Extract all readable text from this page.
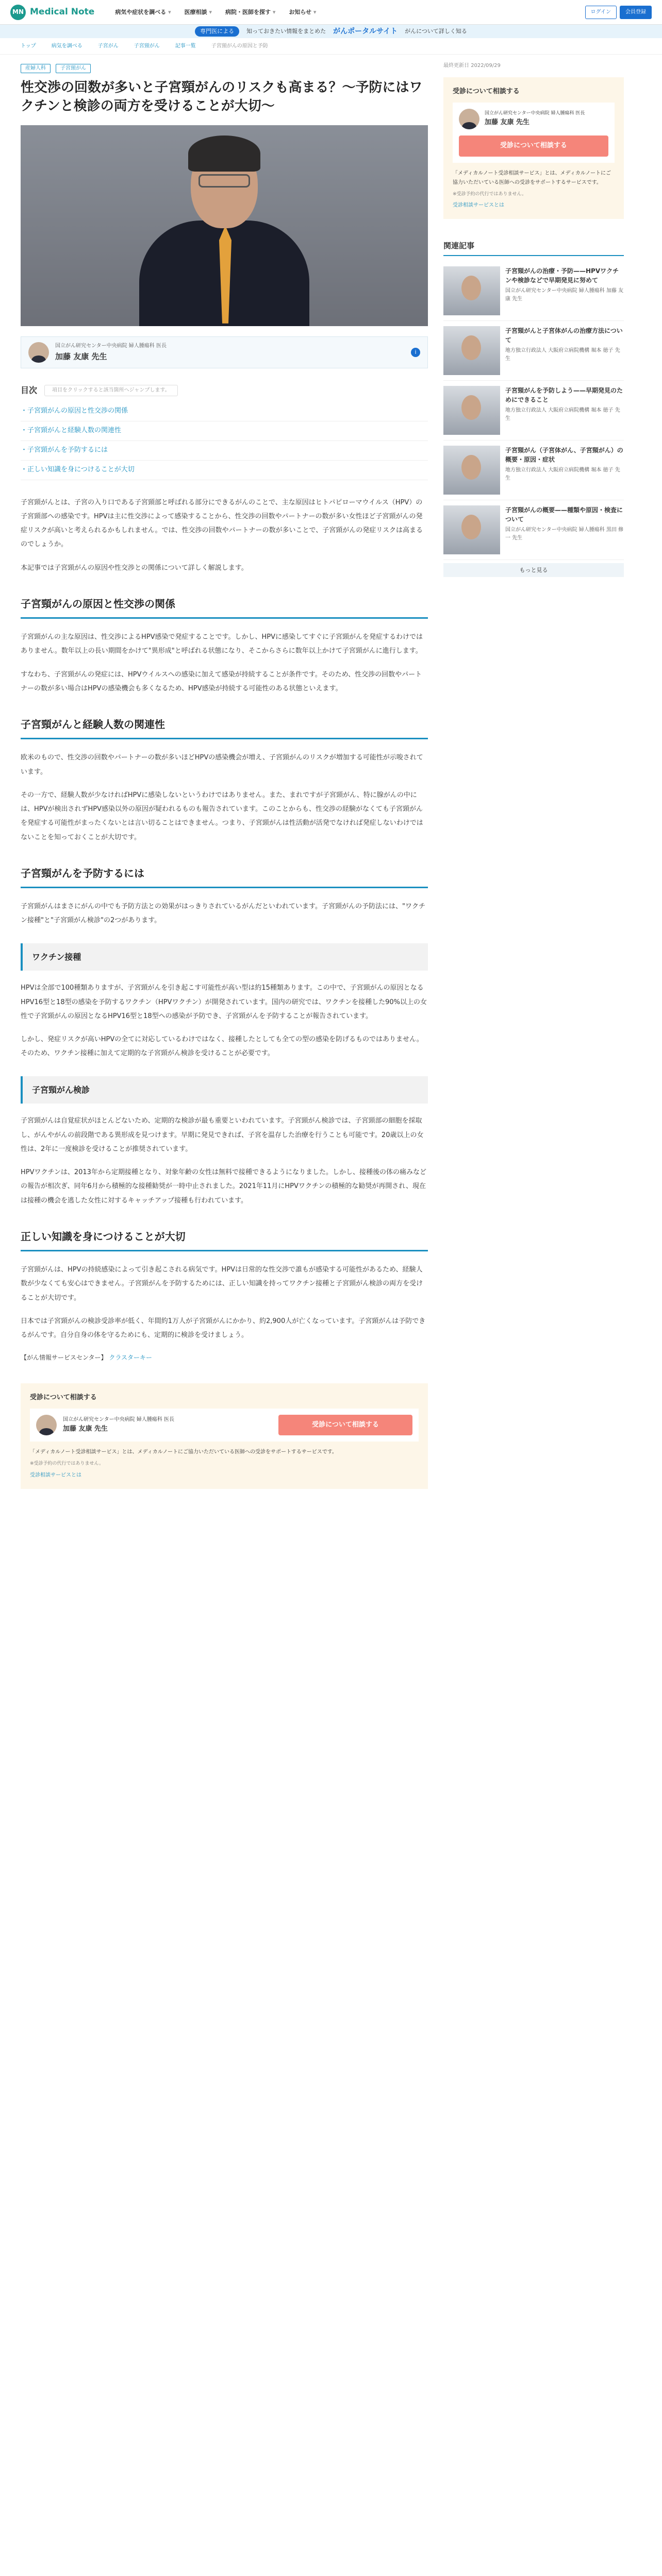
MN Medical Note	病気や症状を調べる ▾	医療相談 ▾	病院・医師を探す ▾	お知らせ ▾	ログイン	会員登録
専門医による	知っておきたい情報をまとめた がんポータルサイト がんについて詳しく知る
トップ	病気を調べる	子宮がん	子宮頸がん	記事一覧	子宮頸がんの原因と予防
産婦人科	子宮頸がん
性交渉の回数が多いと子宮頸がんのリスクも高まる？〜予防にはワクチンと検診の両方を受けることが大切〜
国立がん研究センター中央病院 婦人腫瘍科 医長
加藤 友康 先生	i
目次	項目をクリックすると該当箇所へジャンプします。
・ 子宮頸がんの原因と性交渉の関係
・ 子宮頸がんと経験人数の関連性
・ 子宮頸がんを予防するには
・ 正しい知識を身につけることが大切

子宮頸がんとは、子宮の入り口である子宮頸部と呼ばれる部分にできるがんのことで、主な原因はヒトパピローマウイルス（HPV）の子宮頸部への感染です。HPVは主に性交渉によって感染することから、性交渉の回数やパートナーの数が多い女性ほど子宮頸がんの発症リスクが高いと考えられるかもしれません。では、性交渉の回数やパートナーの数が多いことで、子宮頸がんの発症リスクは高まるのでしょうか。

本記事では子宮頸がんの原因や性交渉との関係について詳しく解説します。

子宮頸がんの原因と性交渉の関係

子宮頸がんの主な原因は、性交渉によるHPV感染で発症することです。しかし、HPVに感染してすぐに子宮頸がんを発症するわけではありません。数年以上の長い期間をかけて"異形成"と呼ばれる状態になり、そこからさらに数年以上かけて子宮頸がんに進行します。

すなわち、子宮頸がんの発症には、HPVウイルスへの感染に加えて感染が持続することが条件です。そのため、性交渉の回数やパートナーの数が多い場合はHPVの感染機会も多くなるため、HPV感染が持続する可能性のある状態といえます。

子宮頸がんと経験人数の関連性

欧米のもので、性交渉の回数やパートナーの数が多いほどHPVの感染機会が増え、子宮頸がんのリスクが増加する可能性が示唆されています。

その一方で、経験人数が少なければHPVに感染しないというわけではありません。また、まれですが子宮頸がん、特に腺がんの中には、HPVが検出されずHPV感染以外の原因が疑われるものも報告されています。このことからも、性交渉の経験がなくても子宮頸がんを発症する可能性がまったくないとは言い切ることはできません。つまり、子宮頸がんは性活動が活発でなければ発症しないわけではないことを知っておくことが大切です。

子宮頸がんを予防するには

子宮頸がんはまさにがんの中でも予防方法との効果がはっきりされているがんだといわれています。子宮頸がんの予防法には、"ワクチン接種"と"子宮頸がん検診"の2つがあります。

ワクチン接種

HPVは全部で100種類ありますが、子宮頸がんを引き起こす可能性が高い型は約15種類あります。この中で、子宮頸がんの原因となるHPV16型と18型の感染を予防するワクチン（HPVワクチン）が開発されています。国内の研究では、ワクチンを接種した90%以上の女性で子宮頸がんの原因となるHPV16型と18型への感染が予防でき、子宮頸がんを予防することが報告されています。

しかし、発症リスクが高いHPVの全てに対応しているわけではなく、接種したとしても全ての型の感染を防げるものではありません。そのため、ワクチン接種に加えて定期的な子宮頸がん検診を受けることが必要です。

子宮頸がん検診

子宮頸がんは自覚症状がほとんどないため、定期的な検診が最も重要といわれています。子宮頸がん検診では、子宮頸部の細胞を採取し、がんやがんの前段階である異形成を見つけます。早期に発見できれば、子宮を温存した治療を行うことも可能です。20歳以上の女性は、2年に一度検診を受けることが推奨されています。

HPVワクチンは、2013年から定期接種となり、対象年齢の女性は無料で接種できるようになりました。しかし、接種後の体の痛みなどの報告が相次ぎ、同年6月から積極的な接種勧奨が一時中止されました。2021年11月にHPVワクチンの積極的な勧奨が再開され、現在は接種の機会を逃した女性に対するキャッチアップ接種も行われています。

正しい知識を身につけることが大切

子宮頸がんは、HPVの持続感染によって引き起こされる病気です。HPVは日常的な性交渉で誰もが感染する可能性があるため、経験人数が少なくても安心はできません。子宮頸がんを予防するためには、正しい知識を持ってワクチン接種と子宮頸がん検診の両方を受けることが大切です。

日本では子宮頸がんの検診受診率が低く、年間約1万人が子宮頸がんにかかり、約2,900人が亡くなっています。子宮頸がんは予防できるがんです。自分自身の体を守るためにも、定期的に検診を受けましょう。

【がん情報サービスセンター】 クラスターキー
受診について相談する
国立がん研究センター中央病院 婦人腫瘍科 医長
加藤 友康 先生
受診について相談する
「メディカルノート受診相談サービス」とは、メディカルノートにご協力いただいている医師への受診をサポートするサービスです。
※受診予約の代行ではありません。
受診相談サービスとは
最終更新日 2022/09/29
受診について相談する
国立がん研究センター中央病院 婦人腫瘍科 医長
加藤 友康 先生
受診について相談する
「メディカルノート受診相談サービス」とは、メディカルノートにご協力いただいている医師への受診をサポートするサービスです。
※受診予約の代行ではありません。
受診相談サービスとは
関連記事
子宮頸がんの治療・予防——HPVワクチンや検診などで早期発見に努めて
国立がん研究センター中央病院 婦人腫瘍科 加藤 友康 先生
子宮頸がんと子宮体がんの治療方法について
地方独立行政法人 大阪府立病院機構 堀本 徳子 先生
子宮頸がんを予防しよう——早期発見のためにできること
地方独立行政法人 大阪府立病院機構 堀本 徳子 先生
子宮頸がん（子宮体がん、子宮頸がん）の概要・原因・症状
地方独立行政法人 大阪府立病院機構 堀本 徳子 先生
子宮頸がんの概要——種類や原因・検査について
国立がん研究センター中央病院 婦人腫瘍科 黒田 修一 先生
もっと見る
